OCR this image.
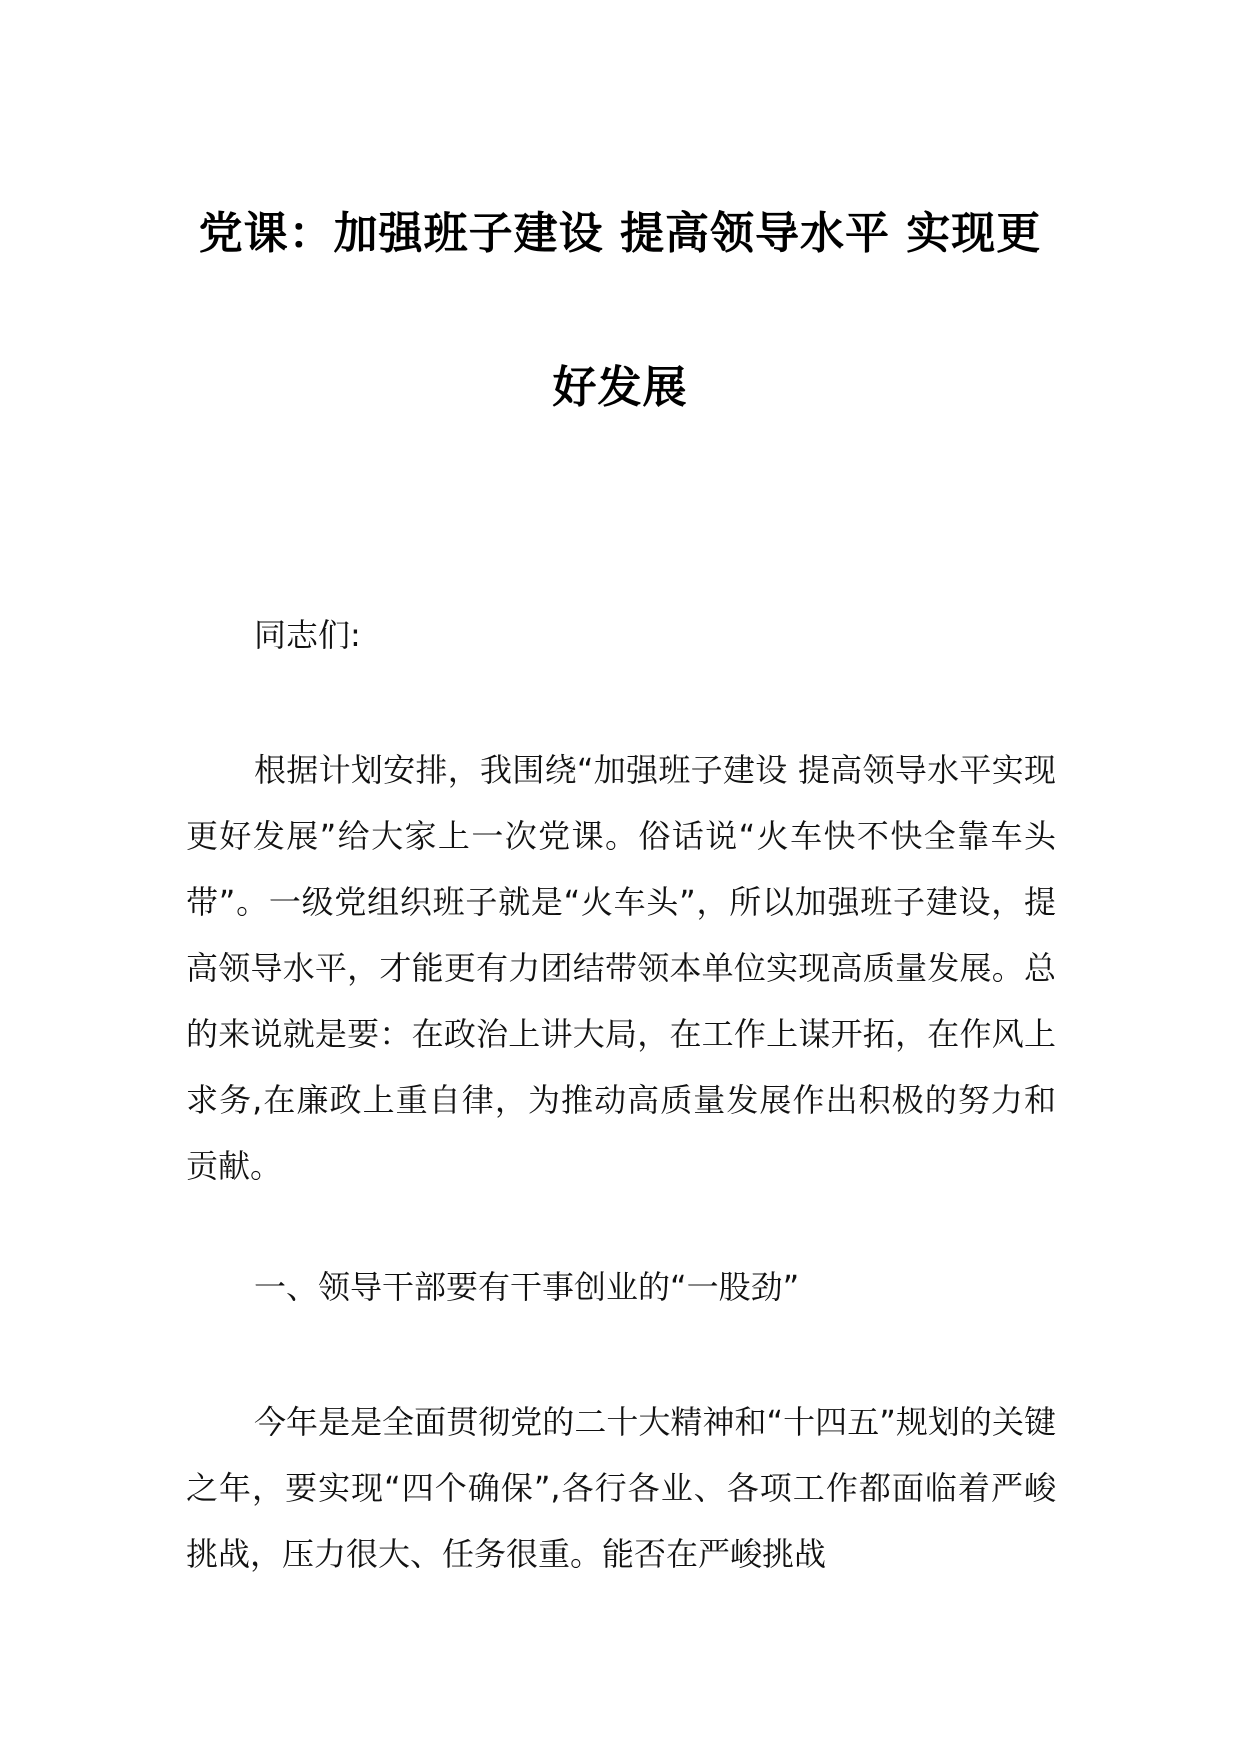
党课：加强班子建设 提高领导水平 实现更
好发展
同志们:
根据计划安排，我围绕“加强班子建设 提高领导水平实现更好发展”给大家上一次党课。俗话说“火车快不快全靠车头带”。一级党组织班子就是“火车头”，所以加强班子建设，提高领导水平，才能更有力团结带领本单位实现高质量发展。总的来说就是要：在政治上讲大局，在工作上谋开拓，在作风上求务,在廉政上重自律，为推动高质量发展作出积极的努力和贡献。
一、领导干部要有干事创业的“一股劲”
今年是是全面贯彻党的二十大精神和“十四五”规划的关键之年，要实现“四个确保”,各行各业、各项工作都面临着严峻挑战，压力很大、任务很重。能否在严峻挑战
